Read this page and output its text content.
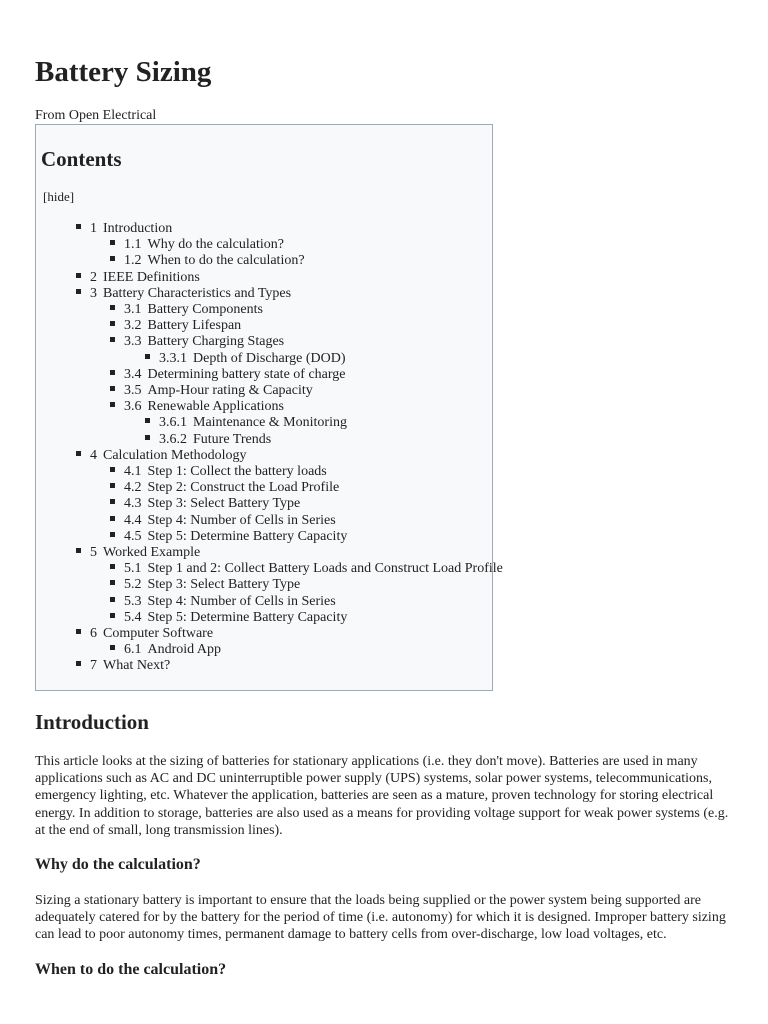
Battery Sizing
From Open Electrical
Contents
[hide]
1 Introduction
1.1 Why do the calculation?
1.2 When to do the calculation?
2 IEEE Definitions
3 Battery Characteristics and Types
3.1 Battery Components
3.2 Battery Lifespan
3.3 Battery Charging Stages
3.3.1 Depth of Discharge (DOD)
3.4 Determining battery state of charge
3.5 Amp-Hour rating & Capacity
3.6 Renewable Applications
3.6.1 Maintenance & Monitoring
3.6.2 Future Trends
4 Calculation Methodology
4.1 Step 1: Collect the battery loads
4.2 Step 2: Construct the Load Profile
4.3 Step 3: Select Battery Type
4.4 Step 4: Number of Cells in Series
4.5 Step 5: Determine Battery Capacity
5 Worked Example
5.1 Step 1 and 2: Collect Battery Loads and Construct Load Profile
5.2 Step 3: Select Battery Type
5.3 Step 4: Number of Cells in Series
5.4 Step 5: Determine Battery Capacity
6 Computer Software
6.1 Android App
7 What Next?
Introduction

This article looks at the sizing of batteries for stationary applications (i.e. they don't move). Batteries are used in many applications such as AC and DC uninterruptible power supply (UPS) systems, solar power systems, telecommunications, emergency lighting, etc. Whatever the application, batteries are seen as a mature, proven technology for storing electrical energy. In addition to storage, batteries are also used as a means for providing voltage support for weak power systems (e.g. at the end of small, long transmission lines).

Why do the calculation?

Sizing a stationary battery is important to ensure that the loads being supplied or the power system being supported are adequately catered for by the battery for the period of time (i.e. autonomy) for which it is designed. Improper battery sizing can lead to poor autonomy times, permanent damage to battery cells from over-discharge, low load voltages, etc.

When to do the calculation?
